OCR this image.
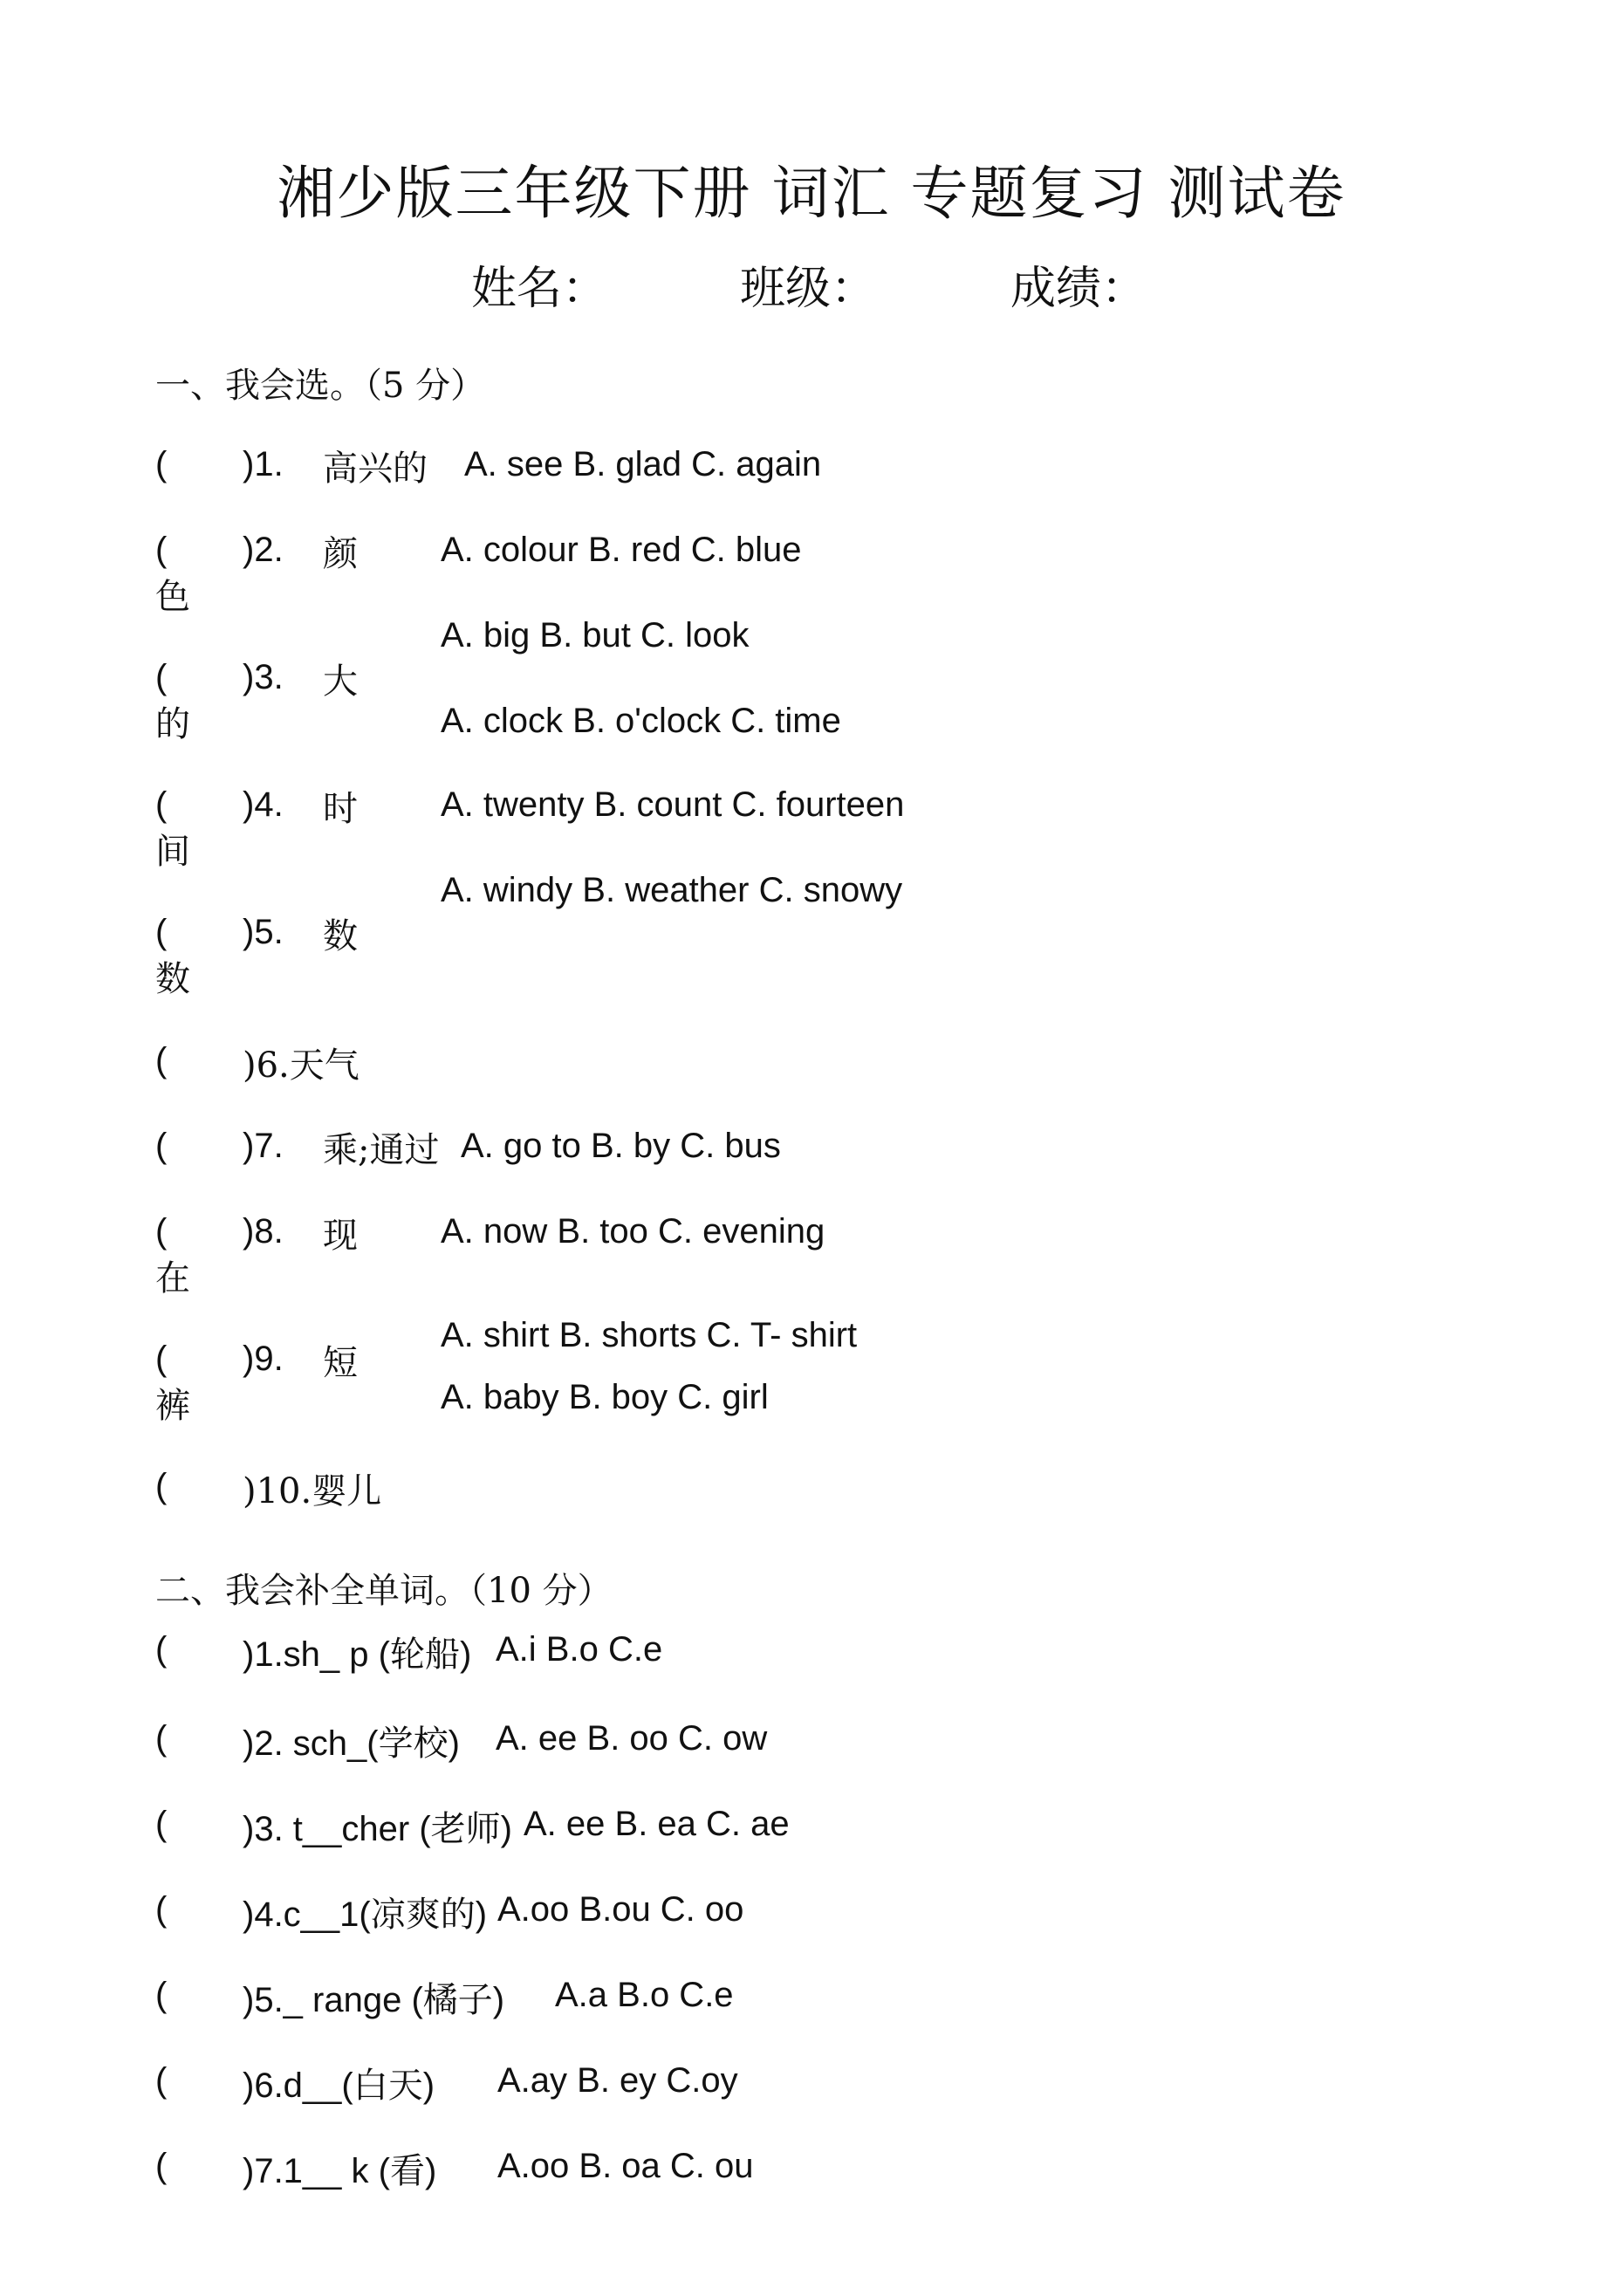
湘少版三年级下册 词汇 专题复习 测试卷
姓名：	班级：	成绩：
一、我会选。（5 分）
( )1. 高兴的 A. see B. glad C. again
( )2. 颜
色
A. colour B. red C. blue
( )3. 大
的
A. big B. but C. look
( )4. 时
间
A. clock B. o'clock C. time
( )5. 数
数
A. twenty B. count C. fourteen
( )6.天气
A. windy B. weather C. snowy
( )7. 乘;通过 A. go to B. by C. bus
( )8. 现
在
A. now B. too C. evening
( )9. 短
裤
A. shirt B. shorts C. T- shirt
( )10.婴儿
A. baby B. boy C. girl
二、我会补全单词。（10 分）
( )1.sh_ p (轮船) A.i B.o C.e
( )2. sch_(学校) A. ee B. oo C. ow
( )3. t__cher (老师) A. ee B. ea C. ae
( )4.c__1(凉爽的) A.oo B.ou C. oo
( )5._ range (橘子) A.a B.o C.e
( )6.d__(白天) A.ay B. ey C.oy
( )7.1__ k (看) A.oo B. oa C. ou
